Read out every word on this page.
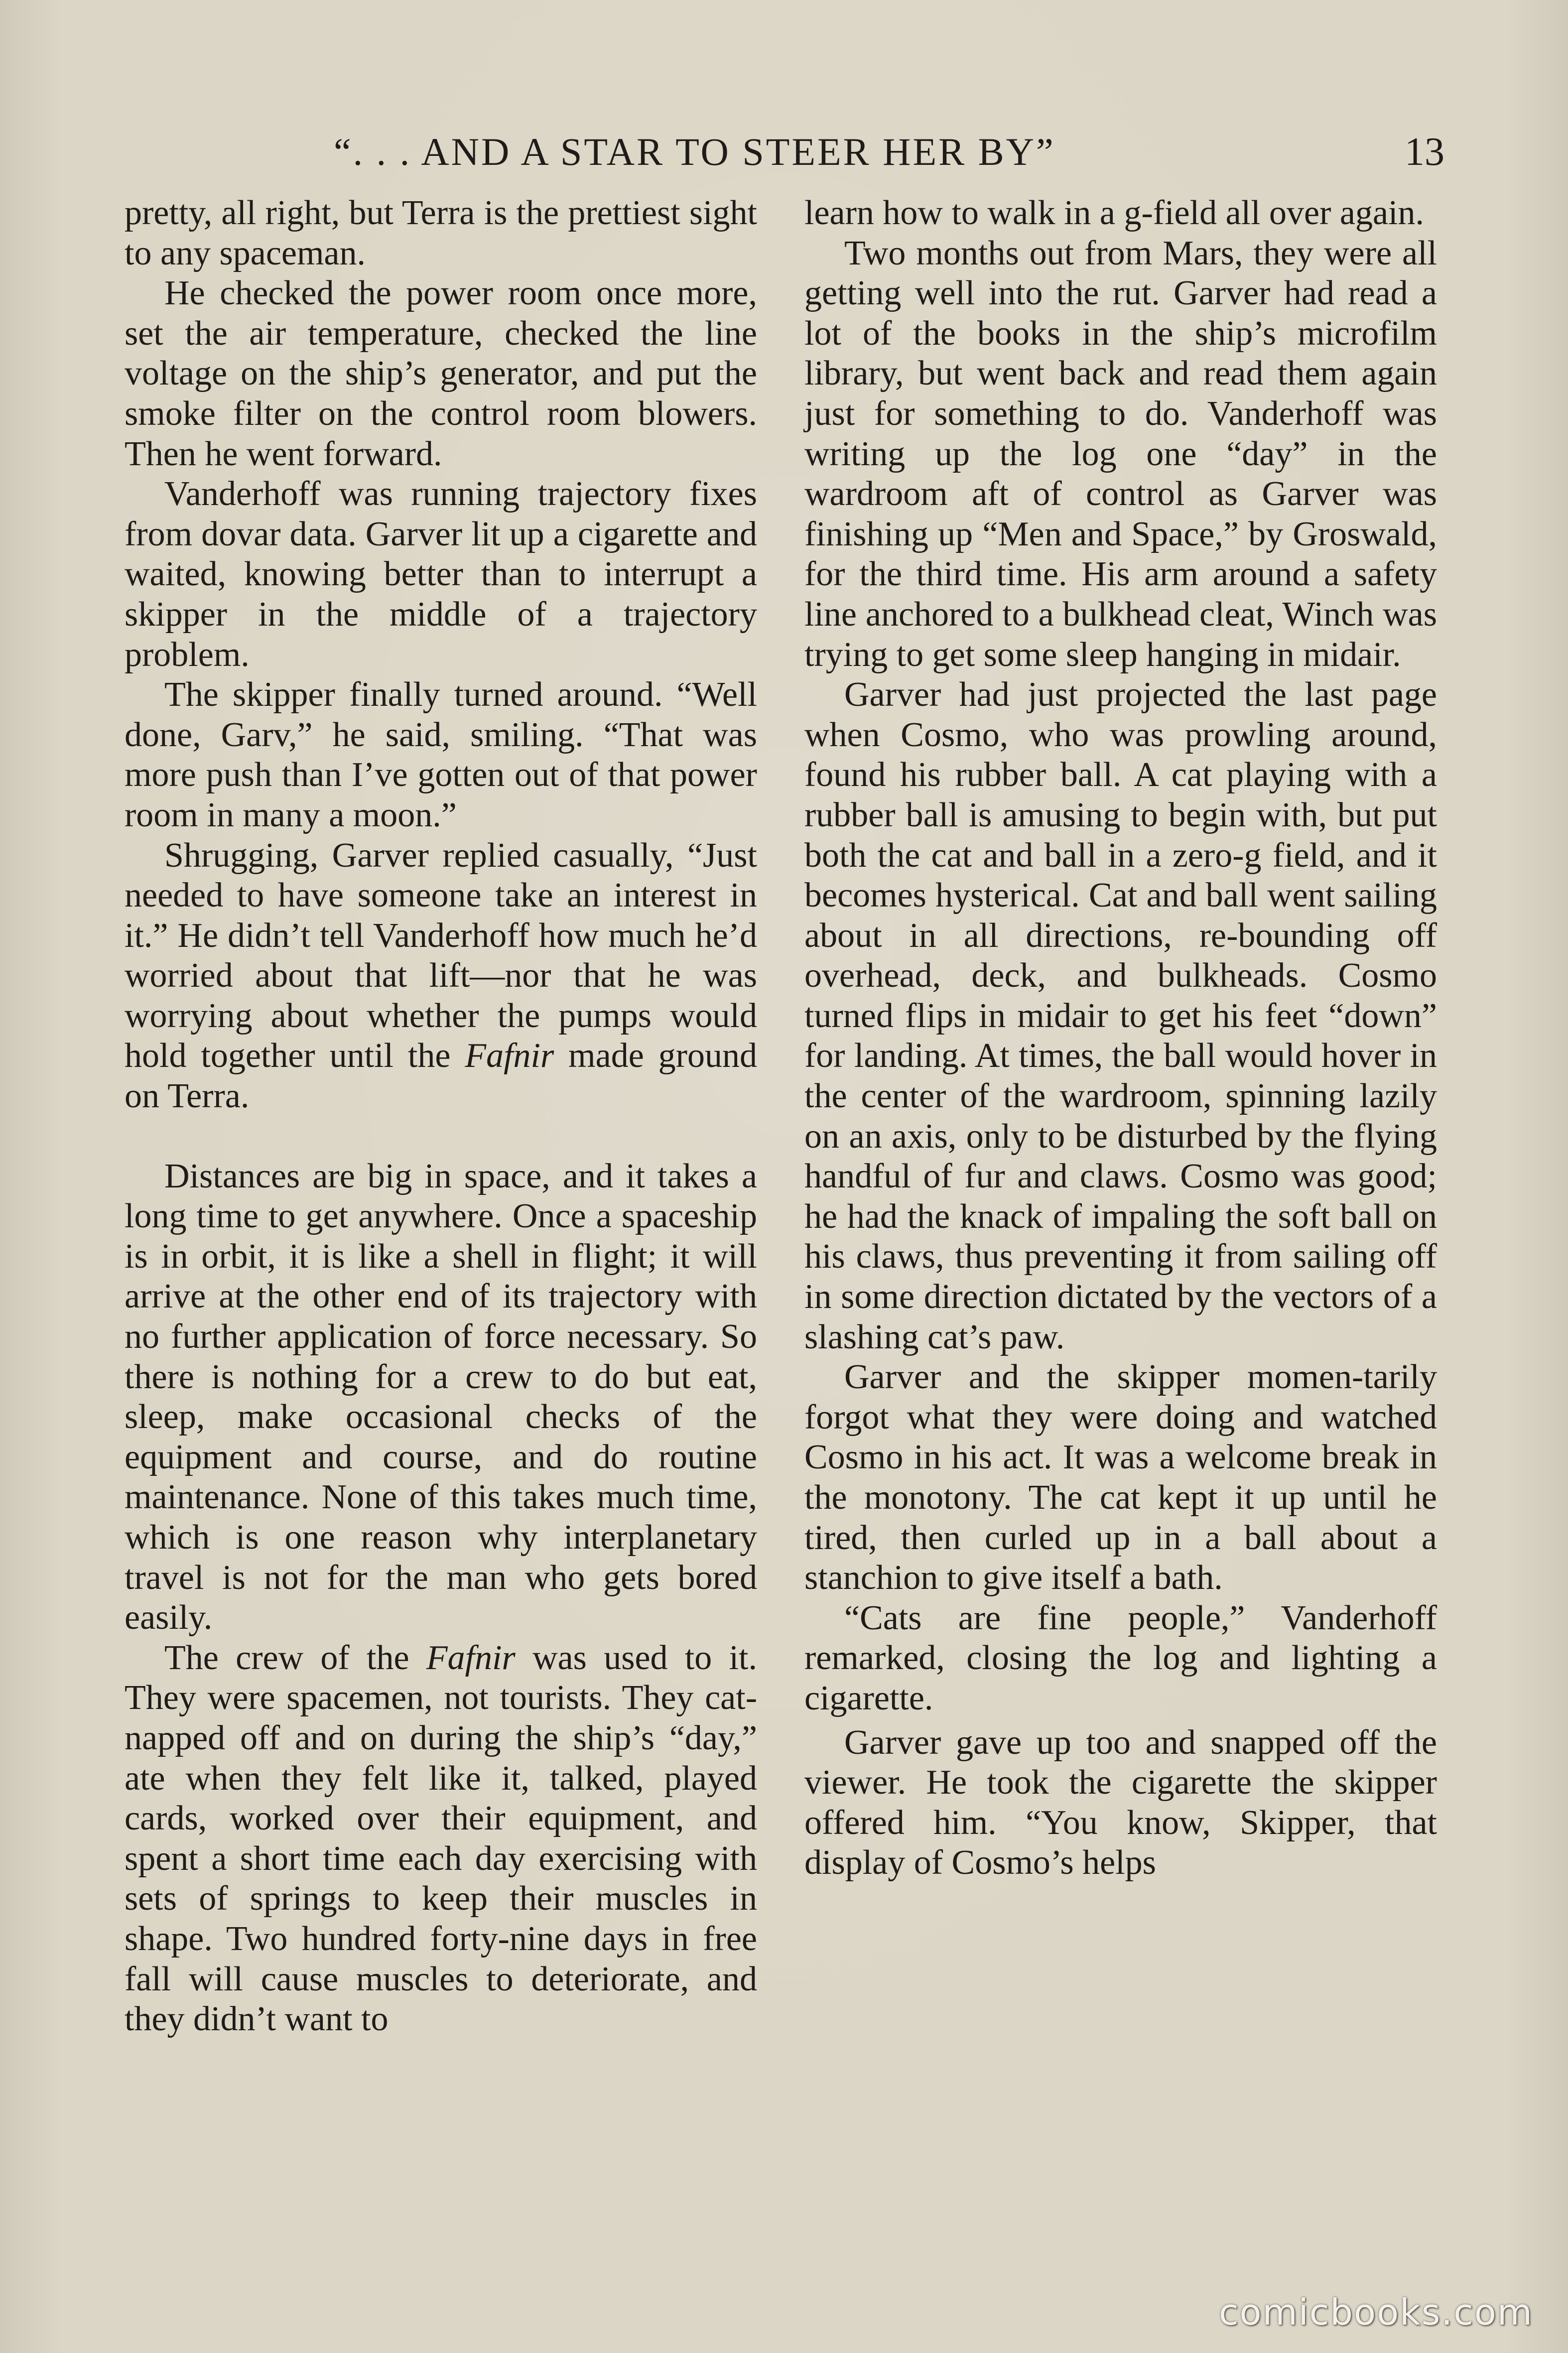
“. . . AND A STAR TO STEER HER BY”	13

pretty, all right, but Terra is the prettiest sight to any spaceman.

He checked the power room once more, set the air temperature, checked the line voltage on the ship’s generator, and put the smoke filter on the control room blowers. Then he went forward.

Vanderhoff was running trajectory fixes from dovar data. Garver lit up a cigarette and waited, knowing better than to interrupt a skipper in the middle of a trajectory problem.

The skipper finally turned around. “Well done, Garv,” he said, smiling. “That was more push than I’ve gotten out of that power room in many a moon.”

Shrugging, Garver replied casually, “Just needed to have someone take an interest in it.” He didn’t tell Vanderhoff how much he’d worried about that lift—nor that he was worrying about whether the pumps would hold together until the Fafnir made ground on Terra.

Distances are big in space, and it takes a long time to get anywhere. Once a spaceship is in orbit, it is like a shell in flight; it will arrive at the other end of its trajectory with no further application of force necessary. So there is nothing for a crew to do but eat, sleep, make occasional checks of the equipment and course, and do routine maintenance. None of this takes much time, which is one reason why interplanetary travel is not for the man who gets bored easily.

The crew of the Fafnir was used to it. They were spacemen, not tourists. They cat-napped off and on during the ship’s “day,” ate when they felt like it, talked, played cards, worked over their equipment, and spent a short time each day exercising with sets of springs to keep their muscles in shape. Two hundred forty-nine days in free fall will cause muscles to deteriorate, and they didn’t want to

learn how to walk in a g-field all over again.

Two months out from Mars, they were all getting well into the rut. Garver had read a lot of the books in the ship’s microfilm library, but went back and read them again just for something to do. Vanderhoff was writing up the log one “day” in the wardroom aft of control as Garver was finishing up “Men and Space,” by Groswald, for the third time. His arm around a safety line anchored to a bulkhead cleat, Winch was trying to get some sleep hanging in midair.

Garver had just projected the last page when Cosmo, who was prowling around, found his rubber ball. A cat playing with a rubber ball is amusing to begin with, but put both the cat and ball in a zero-g field, and it becomes hysterical. Cat and ball went sailing about in all directions, re-bounding off overhead, deck, and bulkheads. Cosmo turned flips in midair to get his feet “down” for landing. At times, the ball would hover in the center of the wardroom, spinning lazily on an axis, only to be disturbed by the flying handful of fur and claws. Cosmo was good; he had the knack of impaling the soft ball on his claws, thus preventing it from sailing off in some direction dictated by the vectors of a slashing cat’s paw.

Garver and the skipper momen-tarily forgot what they were doing and watched Cosmo in his act. It was a welcome break in the monotony. The cat kept it up until he tired, then curled up in a ball about a stanchion to give itself a bath.

“Cats are fine people,” Vanderhoff remarked, closing the log and lighting a cigarette.

Garver gave up too and snapped off the viewer. He took the cigarette the skipper offered him. “You know, Skipper, that display of Cosmo’s helps

comicbooks.com
